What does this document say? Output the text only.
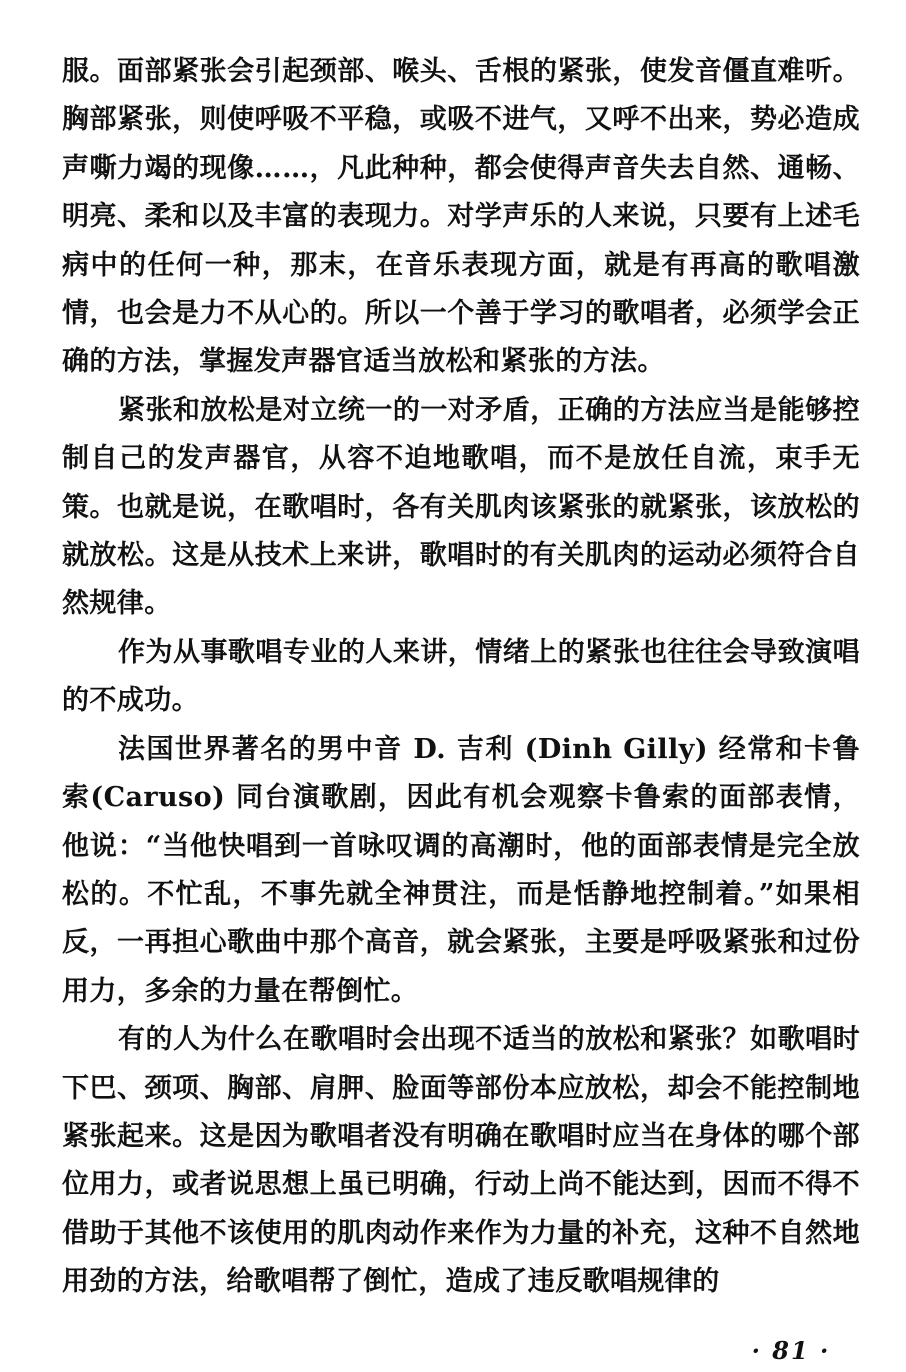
服。面部紧张会引起颈部、喉头、舌根的紧张，使发音僵直难听。胸部紧张，则使呼吸不平稳，或吸不进气，又呼不出来，势必造成声嘶力竭的现像……，凡此种种，都会使得声音失去自然、通畅、明亮、柔和以及丰富的表现力。对学声乐的人来说，只要有上述毛病中的任何一种，那末，在音乐表现方面，就是有再高的歌唱激情，也会是力不从心的。所以一个善于学习的歌唱者，必须学会正确的方法，掌握发声器官适当放松和紧张的方法。

紧张和放松是对立统一的一对矛盾，正确的方法应当是能够控制自己的发声器官，从容不迫地歌唱，而不是放任自流，束手无策。也就是说，在歌唱时，各有关肌肉该紧张的就紧张，该放松的就放松。这是从技术上来讲，歌唱时的有关肌肉的运动必须符合自然规律。

作为从事歌唱专业的人来讲，情绪上的紧张也往往会导致演唱的不成功。

法国世界著名的男中音 D. 吉利 (Dinh Gilly) 经常和卡鲁索(Caruso) 同台演歌剧，因此有机会观察卡鲁索的面部表情，他说：“当他快唱到一首咏叹调的高潮时，他的面部表情是完全放松的。不忙乱，不事先就全神贯注，而是恬静地控制着。”如果相反，一再担心歌曲中那个高音，就会紧张，主要是呼吸紧张和过份用力，多余的力量在帮倒忙。

有的人为什么在歌唱时会出现不适当的放松和紧张？如歌唱时下巴、颈项、胸部、肩胛、脸面等部份本应放松，却会不能控制地紧张起来。这是因为歌唱者没有明确在歌唱时应当在身体的哪个部位用力，或者说思想上虽已明确，行动上尚不能达到，因而不得不借助于其他不该使用的肌肉动作来作为力量的补充，这种不自然地用劲的方法，给歌唱帮了倒忙，造成了违反歌唱规律的

· 81 ·
